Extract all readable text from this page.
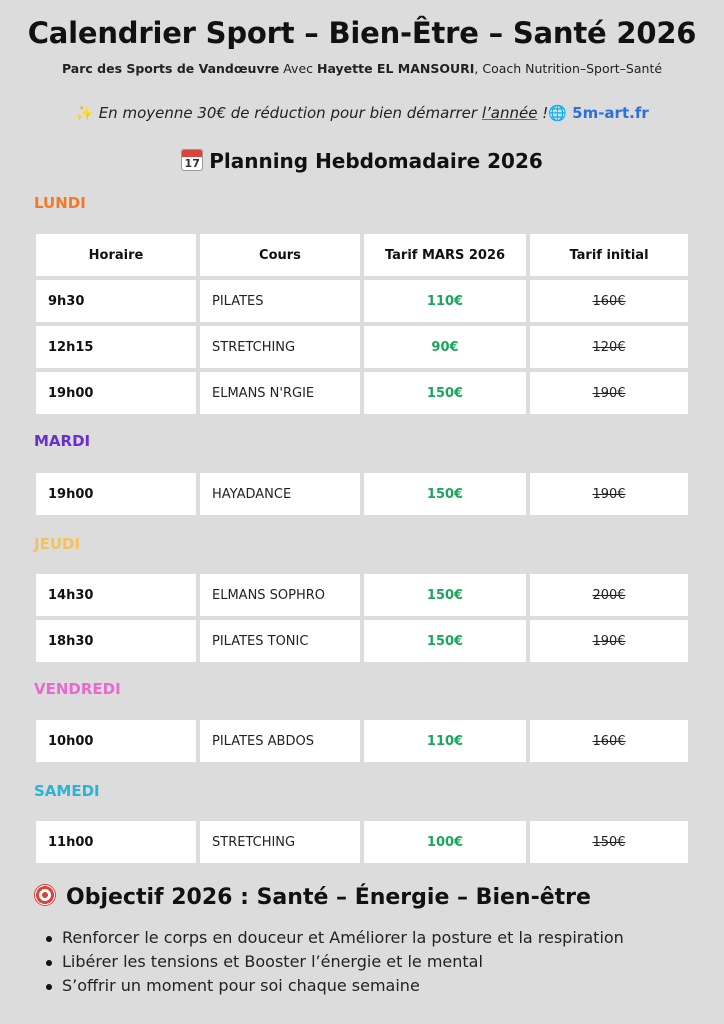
Calendrier Sport – Bien-Être – Santé 2026
Parc des Sports de Vandœuvre Avec Hayette EL MANSOURI, Coach Nutrition–Sport–Santé
✨ En moyenne 30€ de réduction pour bien démarrer l’année !🌐 5m-art.fr
17 Planning Hebdomadaire 2026
LUNDI
Horaire	Cours	Tarif MARS 2026	Tarif initial
9h30	PILATES	110€	160€
12h15	STRETCHING	90€	120€
19h00	ELMANS N'RGIE	150€	190€
MARDI
19h00	HAYADANCE	150€	190€
JEUDI
14h30	ELMANS SOPHRO	150€	200€
18h30	PILATES TONIC	150€	190€
VENDREDI
10h00	PILATES ABDOS	110€	160€
SAMEDI
11h00	STRETCHING	100€	150€
Objectif 2026 : Santé – Énergie – Bien-être
Renforcer le corps en douceur et Améliorer la posture et la respiration
Libérer les tensions et Booster l’énergie et le mental
S’offrir un moment pour soi chaque semaine
